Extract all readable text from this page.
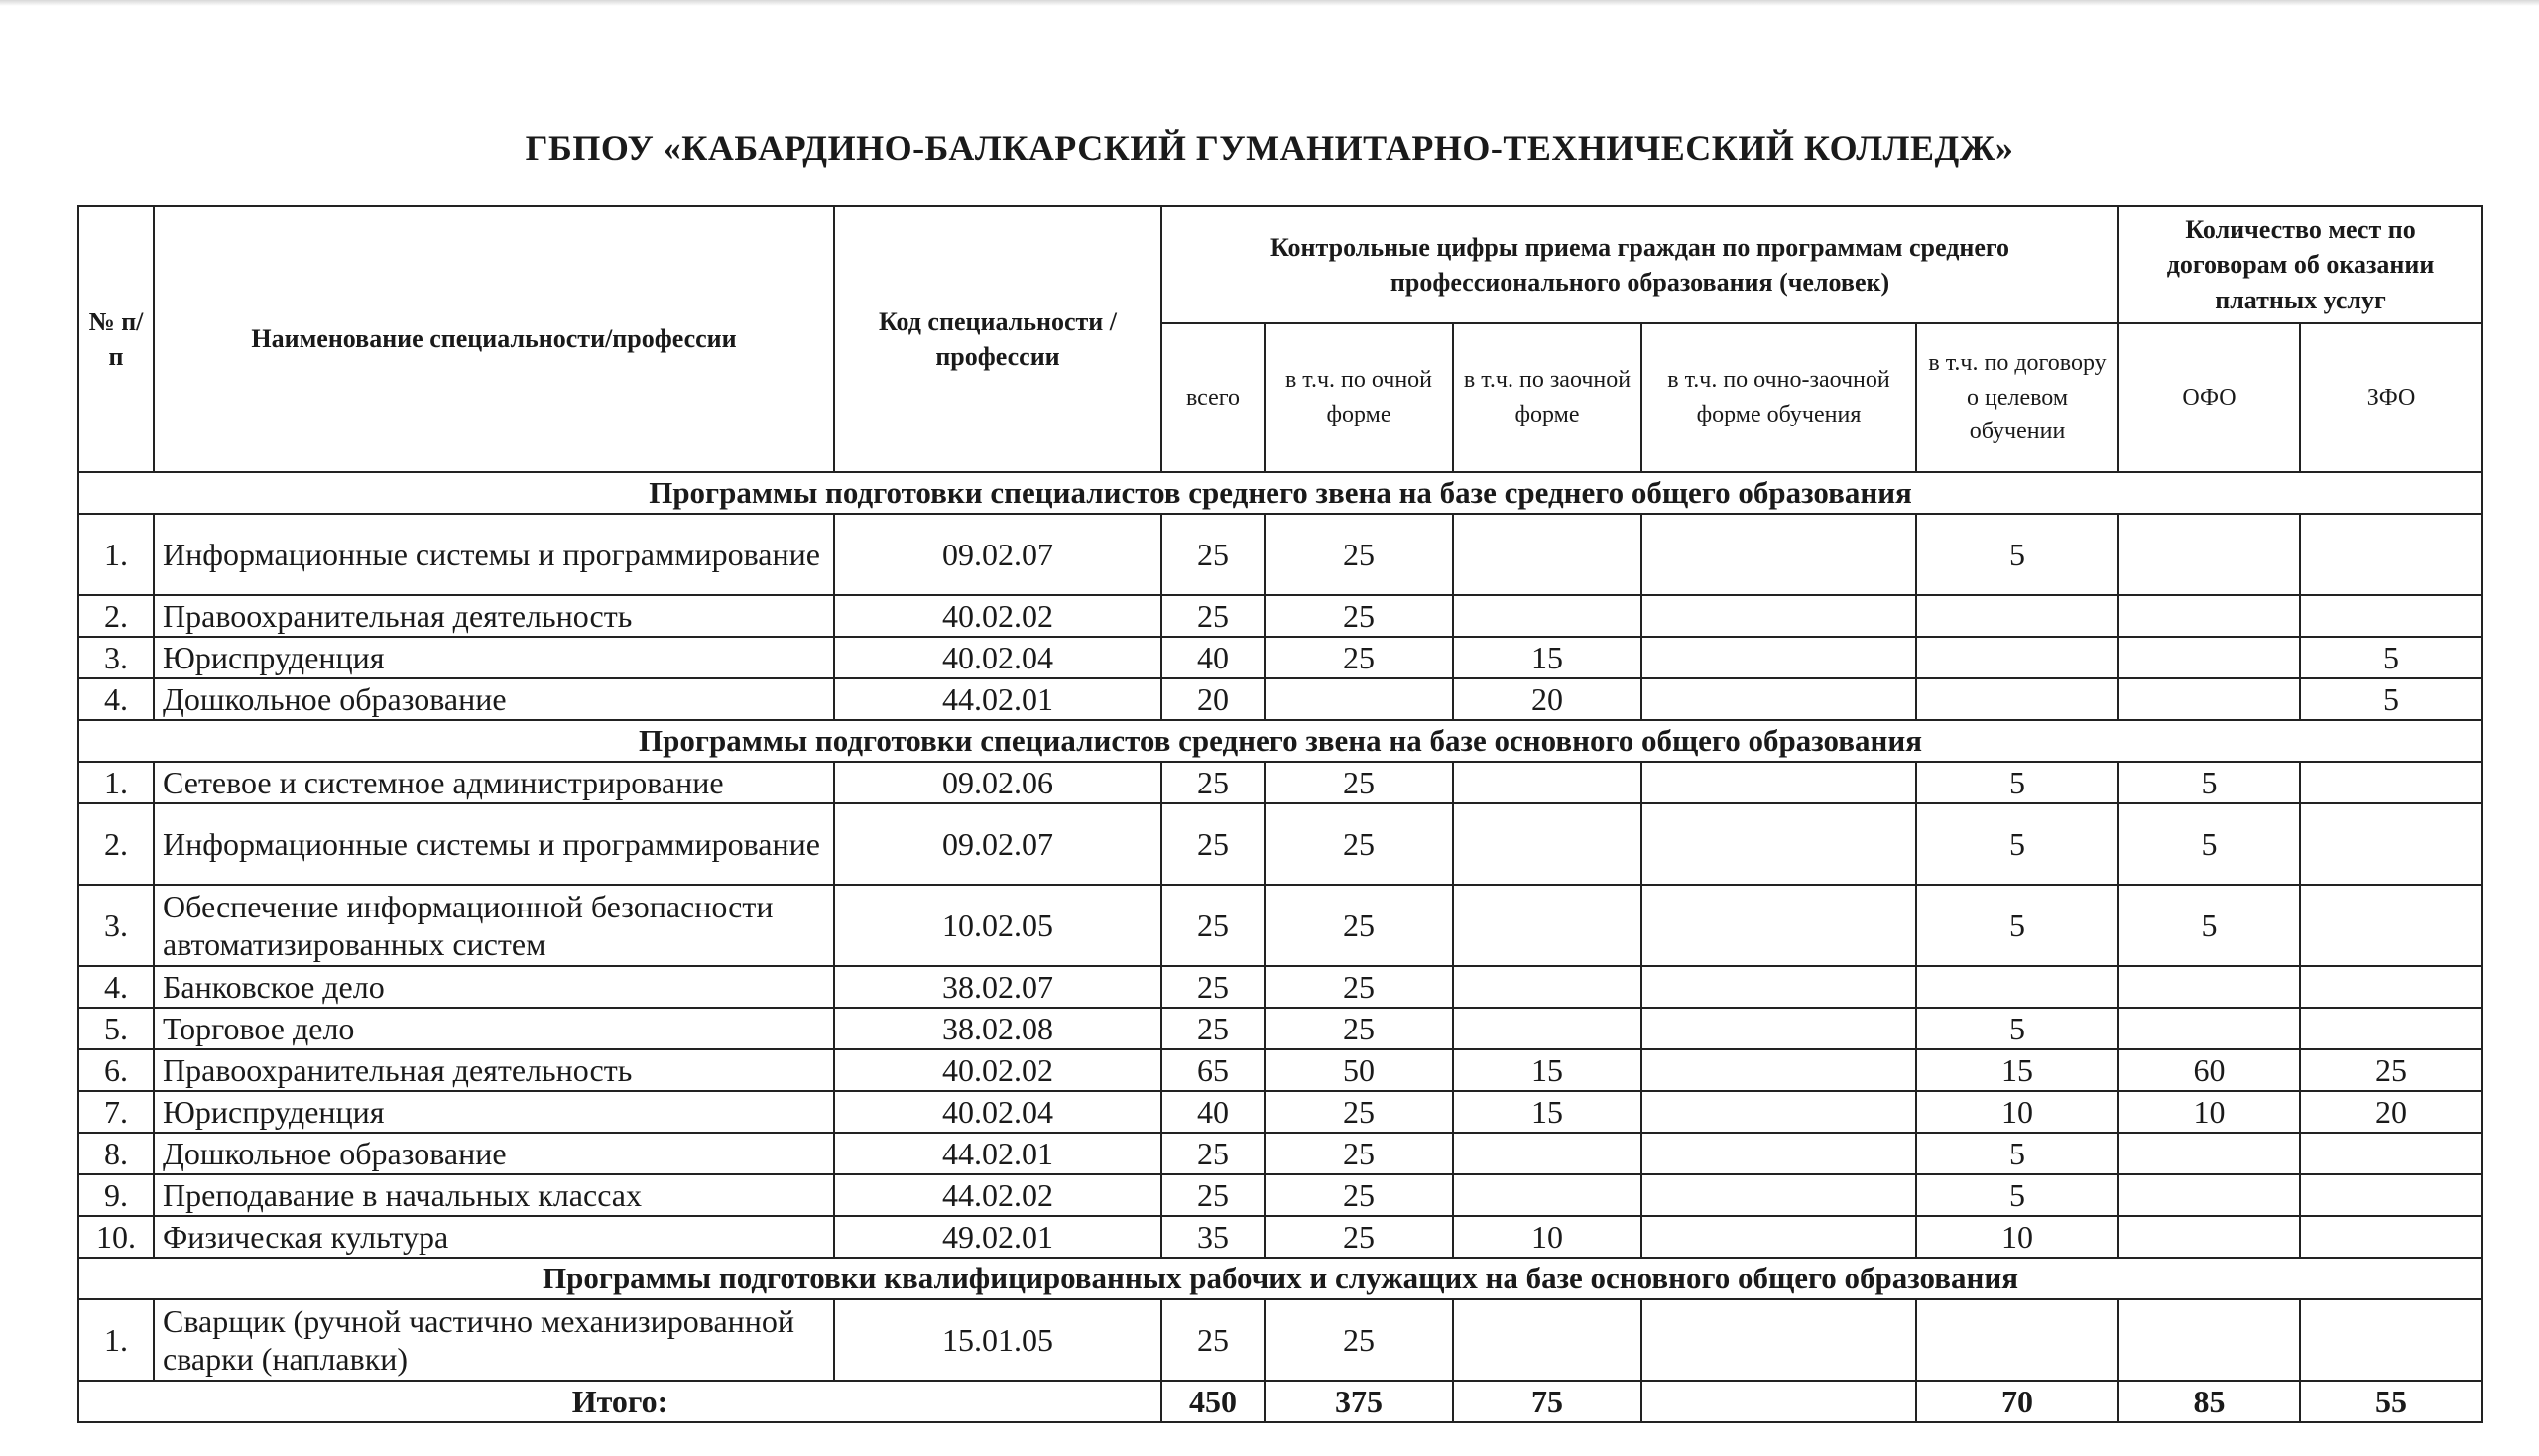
ГБПОУ «КАБАРДИНО-БАЛКАРСКИЙ ГУМАНИТАРНО-ТЕХНИЧЕСКИЙ КОЛЛЕДЖ»
№ п/п	Наименование специальности/профессии	Код специальности / профессии	Контрольные цифры приема граждан по программам среднего профессионального образования (человек)					Количество мест по договорам об оказании платных услуг	
			всего	в т.ч. по очной форме	в т.ч. по заочной форме	в т.ч. по очно-заочной форме обучения	в т.ч. по договору о целевом обучении	ОФО	ЗФО
Программы подготовки специалистов среднего звена на базе среднего общего образования									
1.	Информационные системы и программирование	09.02.07	25	25			5		
2.	Правоохранительная деятельность	40.02.02	25	25					
3.	Юриспруденция	40.02.04	40	25	15				5
4.	Дошкольное образование	44.02.01	20		20				5
Программы подготовки специалистов среднего звена на базе основного общего образования									
1.	Сетевое и системное администрирование	09.02.06	25	25			5	5	
2.	Информационные системы и программирование	09.02.07	25	25			5	5	
3.	Обеспечение информационной безопасности автоматизированных систем	10.02.05	25	25			5	5	
4.	Банковское дело	38.02.07	25	25					
5.	Торговое дело	38.02.08	25	25			5		
6.	Правоохранительная деятельность	40.02.02	65	50	15		15	60	25
7.	Юриспруденция	40.02.04	40	25	15		10	10	20
8.	Дошкольное образование	44.02.01	25	25			5		
9.	Преподавание в начальных классах	44.02.02	25	25			5		
10.	Физическая культура	49.02.01	35	25	10		10		
Программы подготовки квалифицированных рабочих и служащих на базе основного общего образования									
1.	Сварщик (ручной частично механизированной сварки (наплавки)	15.01.05	25	25					
Итого:			450	375	75		70	85	55
